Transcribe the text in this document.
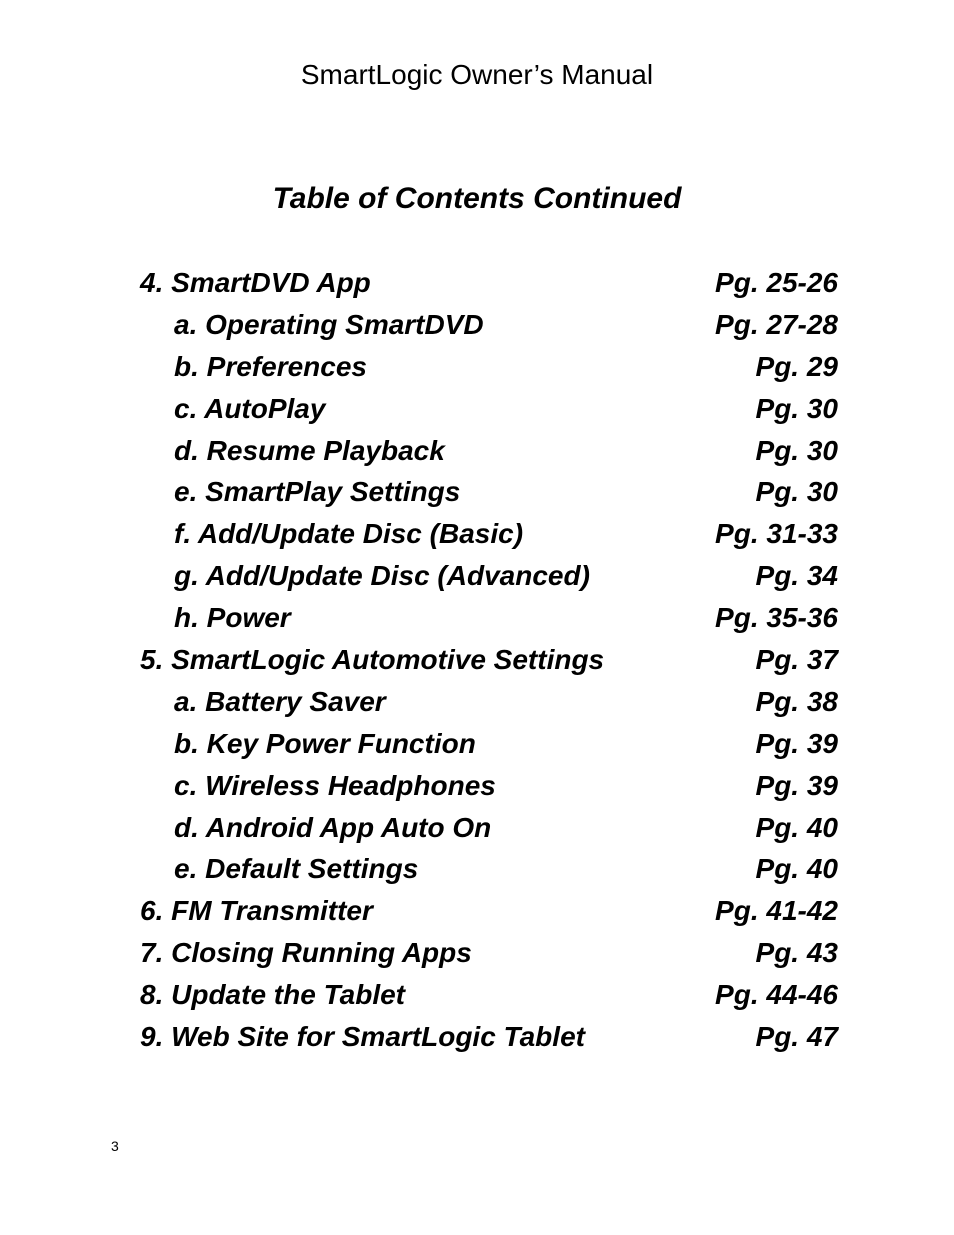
SmartLogic Owner’s Manual
Table of Contents Continued
4. SmartDVD App	Pg. 25-26
a. Operating SmartDVD	Pg. 27-28
b. Preferences	Pg. 29
c. AutoPlay	Pg. 30
d. Resume Playback	Pg. 30
e. SmartPlay Settings	Pg. 30
f. Add/Update Disc (Basic)	Pg. 31-33
g. Add/Update Disc (Advanced)	Pg. 34
h. Power	Pg. 35-36
5. SmartLogic Automotive Settings	Pg. 37
a. Battery Saver	Pg. 38
b. Key Power Function	Pg. 39
c. Wireless Headphones	Pg. 39
d. Android App Auto On	Pg. 40
e. Default Settings	Pg. 40
6. FM Transmitter	Pg. 41-42
7. Closing Running Apps	Pg. 43
8. Update the Tablet	Pg. 44-46
9. Web Site for SmartLogic Tablet	Pg. 47
3
